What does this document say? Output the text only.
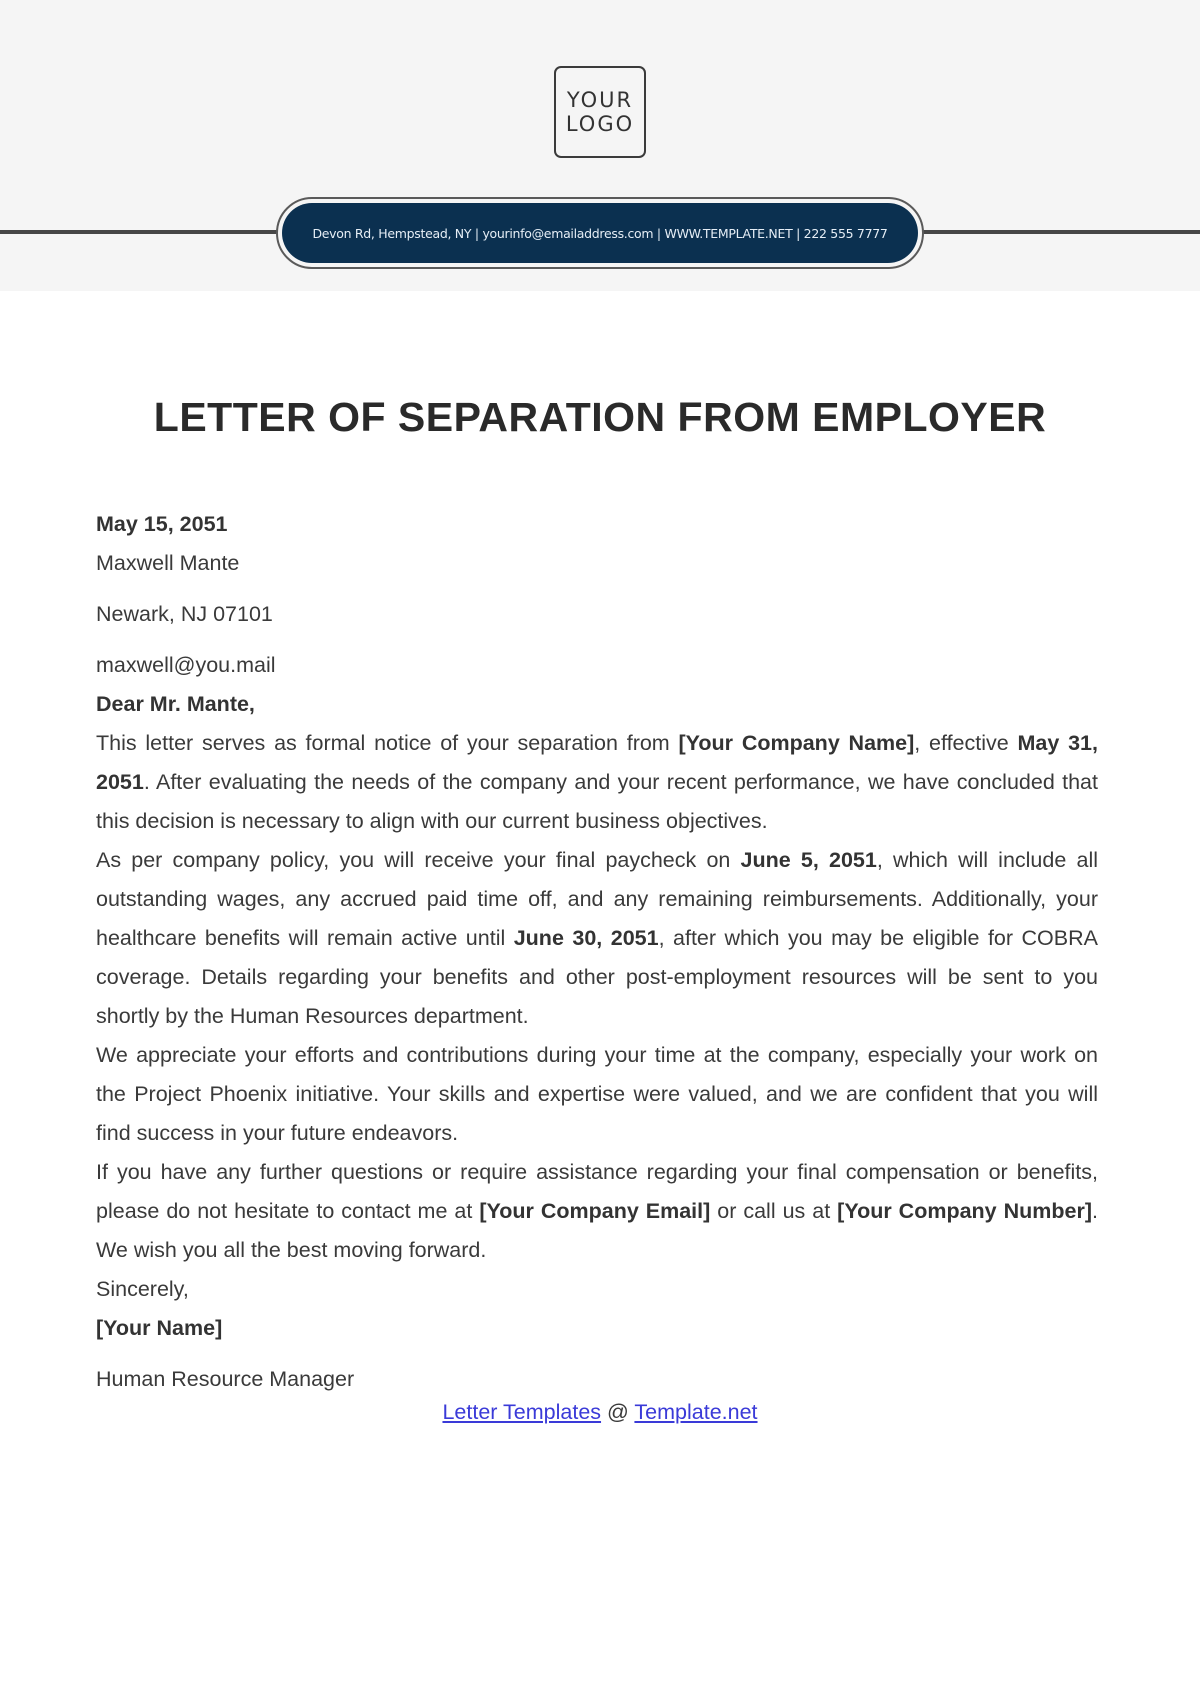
YOUR
LOGO
Devon Rd, Hempstead, NY | yourinfo@emailaddress.com | WWW.TEMPLATE.NET | 222 555 7777
LETTER OF SEPARATION FROM EMPLOYER

May 15, 2051

Maxwell Mante

Newark, NJ 07101

maxwell@you.mail

Dear Mr. Mante,

This letter serves as formal notice of your separation from [Your Company Name], effective May 31, 2051. After evaluating the needs of the company and your recent performance, we have concluded that this decision is necessary to align with our current business objectives.

As per company policy, you will receive your final paycheck on June 5, 2051, which will include all outstanding wages, any accrued paid time off, and any remaining reimbursements. Additionally, your healthcare benefits will remain active until June 30, 2051, after which you may be eligible for COBRA coverage. Details regarding your benefits and other post-employment resources will be sent to you shortly by the Human Resources department.

We appreciate your efforts and contributions during your time at the company, especially your work on the Project Phoenix initiative. Your skills and expertise were valued, and we are confident that you will find success in your future endeavors.

If you have any further questions or require assistance regarding your final compensation or benefits, please do not hesitate to contact me at [Your Company Email] or call us at [Your Company Number]. We wish you all the best moving forward.

Sincerely,

[Your Name]

Human Resource Manager

Letter Templates @ Template.net
